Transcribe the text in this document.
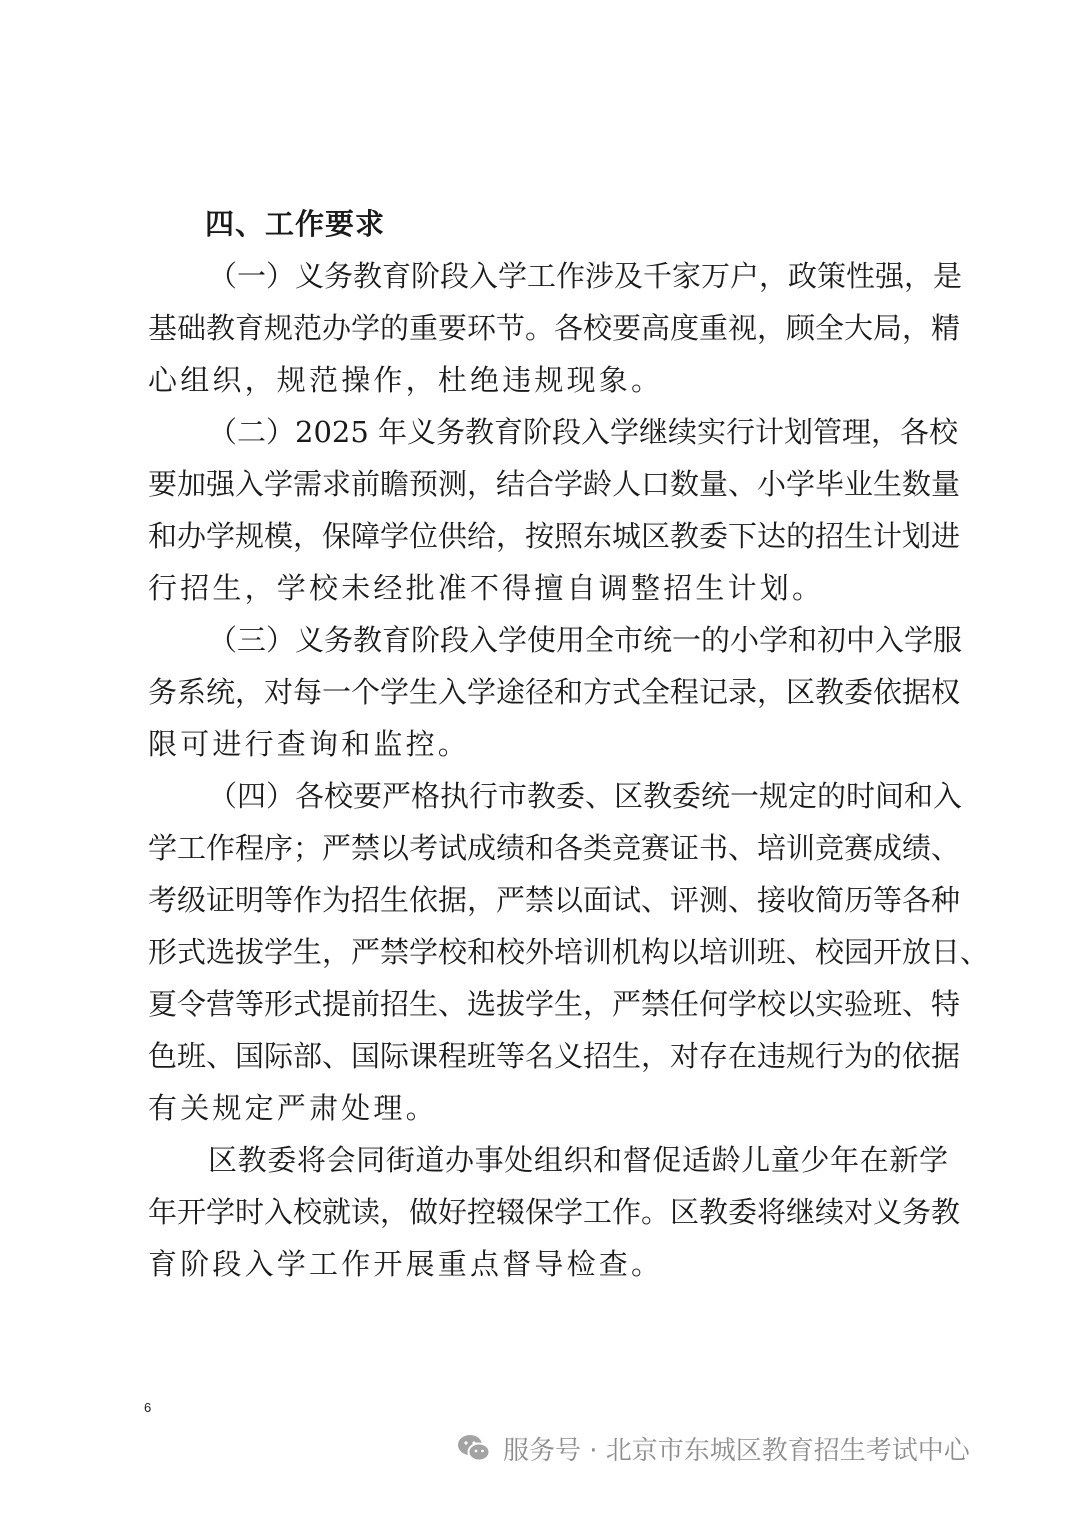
四、工作要求
（一）义务教育阶段入学工作涉及千家万户，政策性强，是
基础教育规范办学的重要环节。各校要高度重视，顾全大局，精
心组织，规范操作，杜绝违规现象。
（二）2025 年义务教育阶段入学继续实行计划管理，各校
要加强入学需求前瞻预测，结合学龄人口数量、小学毕业生数量
和办学规模，保障学位供给，按照东城区教委下达的招生计划进
行招生，学校未经批准不得擅自调整招生计划。
（三）义务教育阶段入学使用全市统一的小学和初中入学服
务系统，对每一个学生入学途径和方式全程记录，区教委依据权
限可进行查询和监控。
（四）各校要严格执行市教委、区教委统一规定的时间和入
学工作程序；严禁以考试成绩和各类竞赛证书、培训竞赛成绩、
考级证明等作为招生依据，严禁以面试、评测、接收简历等各种
形式选拔学生，严禁学校和校外培训机构以培训班、校园开放日、
夏令营等形式提前招生、选拔学生，严禁任何学校以实验班、特
色班、国际部、国际课程班等名义招生，对存在违规行为的依据
有关规定严肃处理。
区教委将会同街道办事处组织和督促适龄儿童少年在新学
年开学时入校就读，做好控辍保学工作。区教委将继续对义务教
育阶段入学工作开展重点督导检查。
6
服务号 · 北京市东城区教育招生考试中心
